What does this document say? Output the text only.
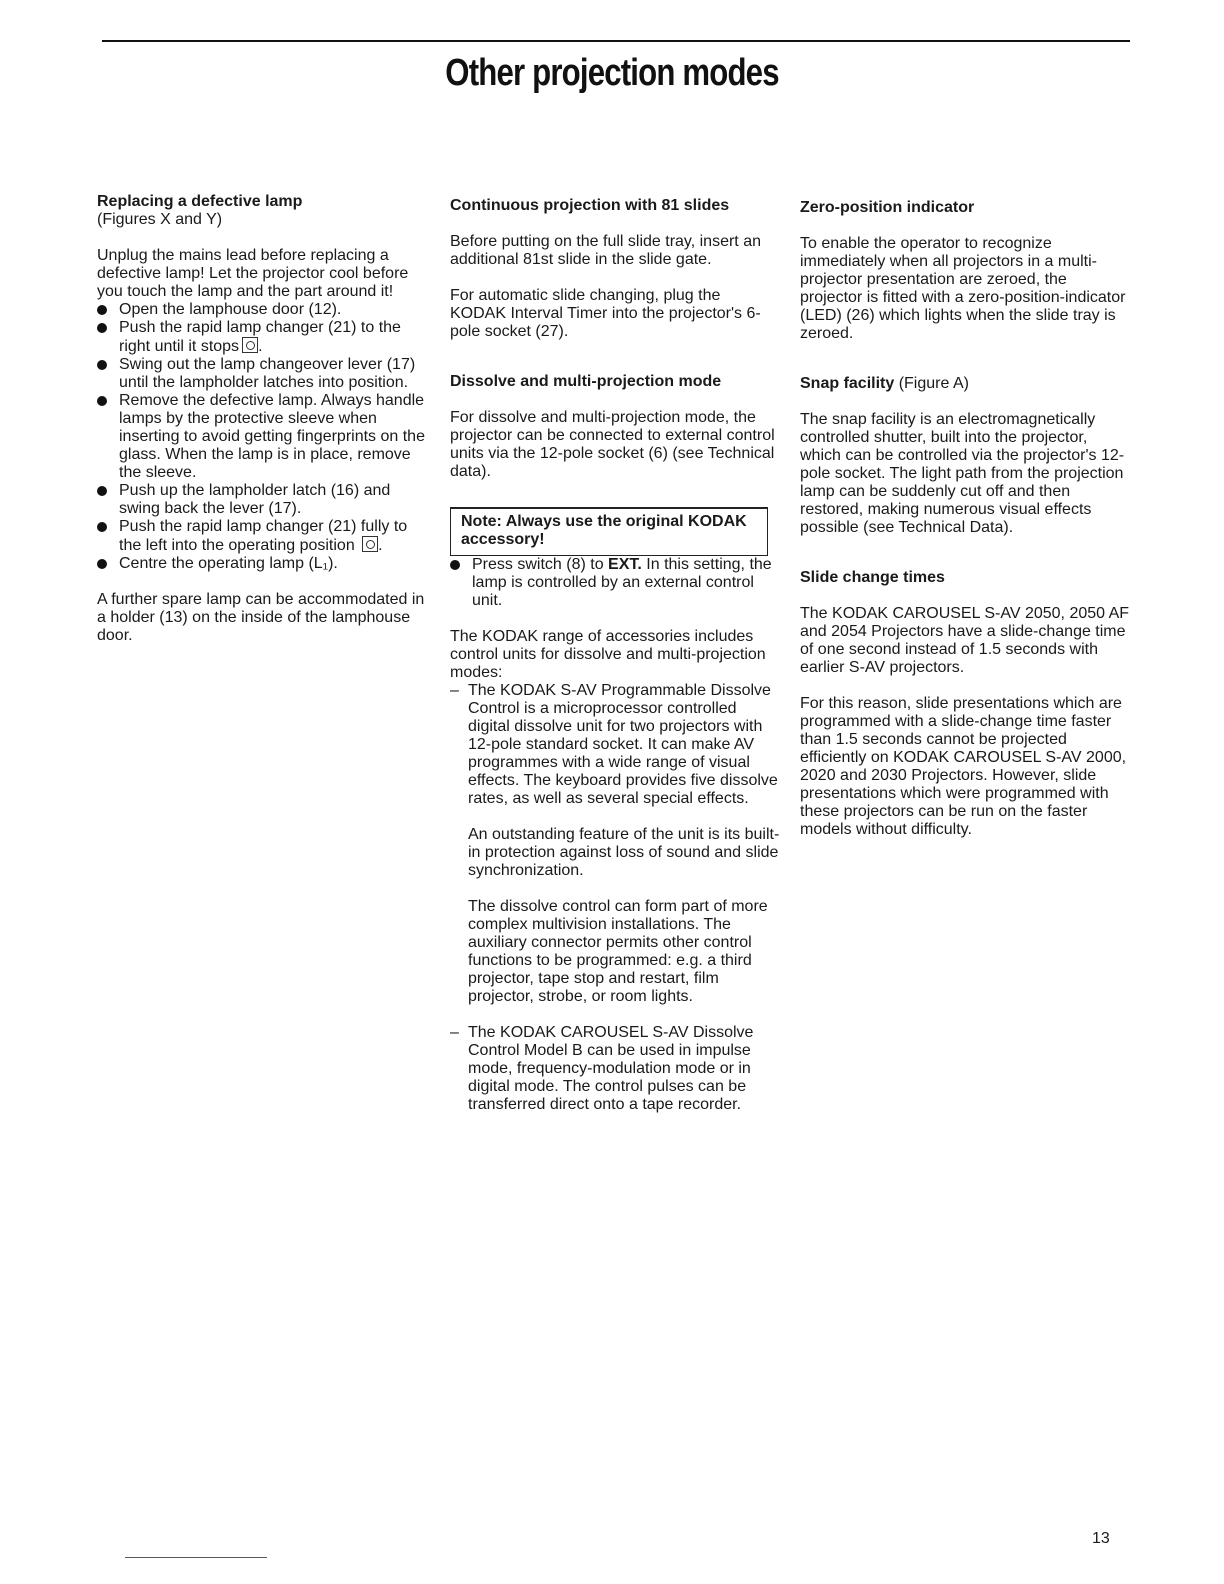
Other projection modes
Replacing a defective lamp

(Figures X and Y)

Unplug the mains lead before replacing a defective lamp! Let the projector cool before you touch the lamp and the part around it!

Open the lamphouse door (12).
Push the rapid lamp changer (21) to the right until it stops .
Swing out the lamp changeover lever (17) until the lampholder latches into position.
Remove the defective lamp. Always handle lamps by the protective sleeve when inserting to avoid getting fingerprints on the glass. When the lamp is in place, remove the sleeve.
Push up the lampholder latch (16) and swing back the lever (17).
Push the rapid lamp changer (21) fully to the left into the operating position .
Centre the operating lamp (L₁).

A further spare lamp can be accommodated in a holder (13) on the inside of the lamphouse door.

Continuous projection with 81 slides

Before putting on the full slide tray, insert an additional 81st slide in the slide gate.

For automatic slide changing, plug the KODAK Interval Timer into the projector's 6-pole socket (27).

Dissolve and multi-projection mode

For dissolve and multi-projection mode, the projector can be connected to external control units via the 12-pole socket (6) (see Technical data).

Note: Always use the original KODAK accessory!
Press switch (8) to EXT. In this setting, the lamp is controlled by an external control unit.

The KODAK range of accessories includes control units for dissolve and multi-projection modes:

– The KODAK S-AV Programmable Dissolve Control is a microprocessor controlled digital dissolve unit for two projectors with 12-pole standard socket. It can make AV programmes with a wide range of visual effects. The keyboard provides five dissolve rates, as well as several special effects.

An outstanding feature of the unit is its built-in protection against loss of sound and slide synchronization.

The dissolve control can form part of more complex multivision installations. The auxiliary connector permits other control functions to be programmed: e.g. a third projector, tape stop and restart, film projector, strobe, or room lights.

– The KODAK CAROUSEL S-AV Dissolve Control Model B can be used in impulse mode, frequency-modulation mode or in digital mode. The control pulses can be transferred direct onto a tape recorder.

Zero-position indicator

To enable the operator to recognize immediately when all projectors in a multi-projector presentation are zeroed, the projector is fitted with a zero-position-indicator (LED) (26) which lights when the slide tray is zeroed.

Snap facility (Figure A)

The snap facility is an electromagnetically controlled shutter, built into the projector, which can be controlled via the projector's 12-pole socket. The light path from the projection lamp can be suddenly cut off and then restored, making numerous visual effects possible (see Technical Data).

Slide change times

The KODAK CAROUSEL S-AV 2050, 2050 AF and 2054 Projectors have a slide-change time of one second instead of 1.5 seconds with earlier S-AV projectors.

For this reason, slide presentations which are programmed with a slide-change time faster than 1.5 seconds cannot be projected efficiently on KODAK CAROUSEL S-AV 2000, 2020 and 2030 Projectors. However, slide presentations which were programmed with these projectors can be run on the faster models without difficulty.

13
